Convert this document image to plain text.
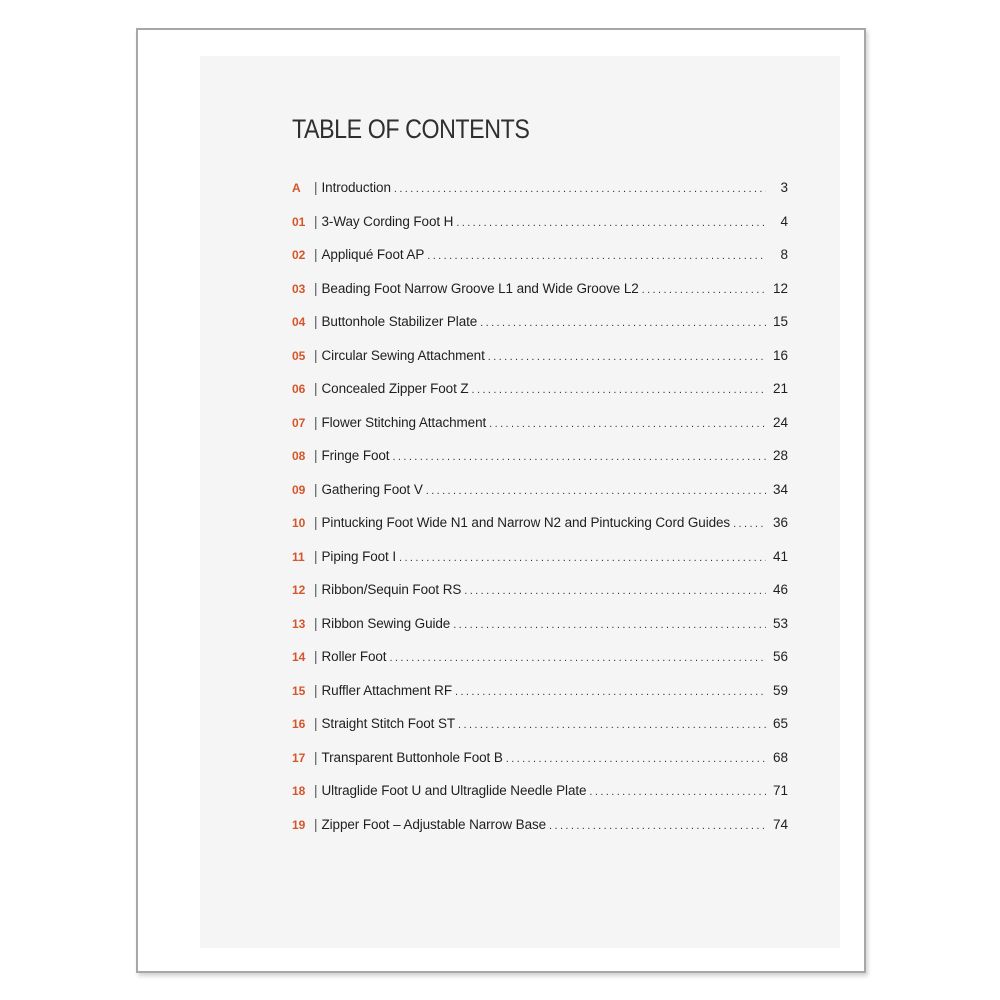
TABLE OF CONTENTS
A | Introduction .....	3
01 | 3-Way Cording Foot H .....	4
02 | Appliqué Foot AP .....	8
03 | Beading Foot Narrow Groove L1 and Wide Groove L2 .....	12
04 | Buttonhole Stabilizer Plate .....	15
05 | Circular Sewing Attachment .....	16
06 | Concealed Zipper Foot Z .....	21
07 | Flower Stitching Attachment .....	24
08 | Fringe Foot .....	28
09 | Gathering Foot V .....	34
10 | Pintucking Foot Wide N1 and Narrow N2 and Pintucking Cord Guides .....	36
11 | Piping Foot I .....	41
12 | Ribbon/Sequin Foot RS .....	46
13 | Ribbon Sewing Guide .....	53
14 | Roller Foot .....	56
15 | Ruffler Attachment RF .....	59
16 | Straight Stitch Foot ST .....	65
17 | Transparent Buttonhole Foot B .....	68
18 | Ultraglide Foot U and Ultraglide Needle Plate .....	71
19 | Zipper Foot – Adjustable Narrow Base .....	74
